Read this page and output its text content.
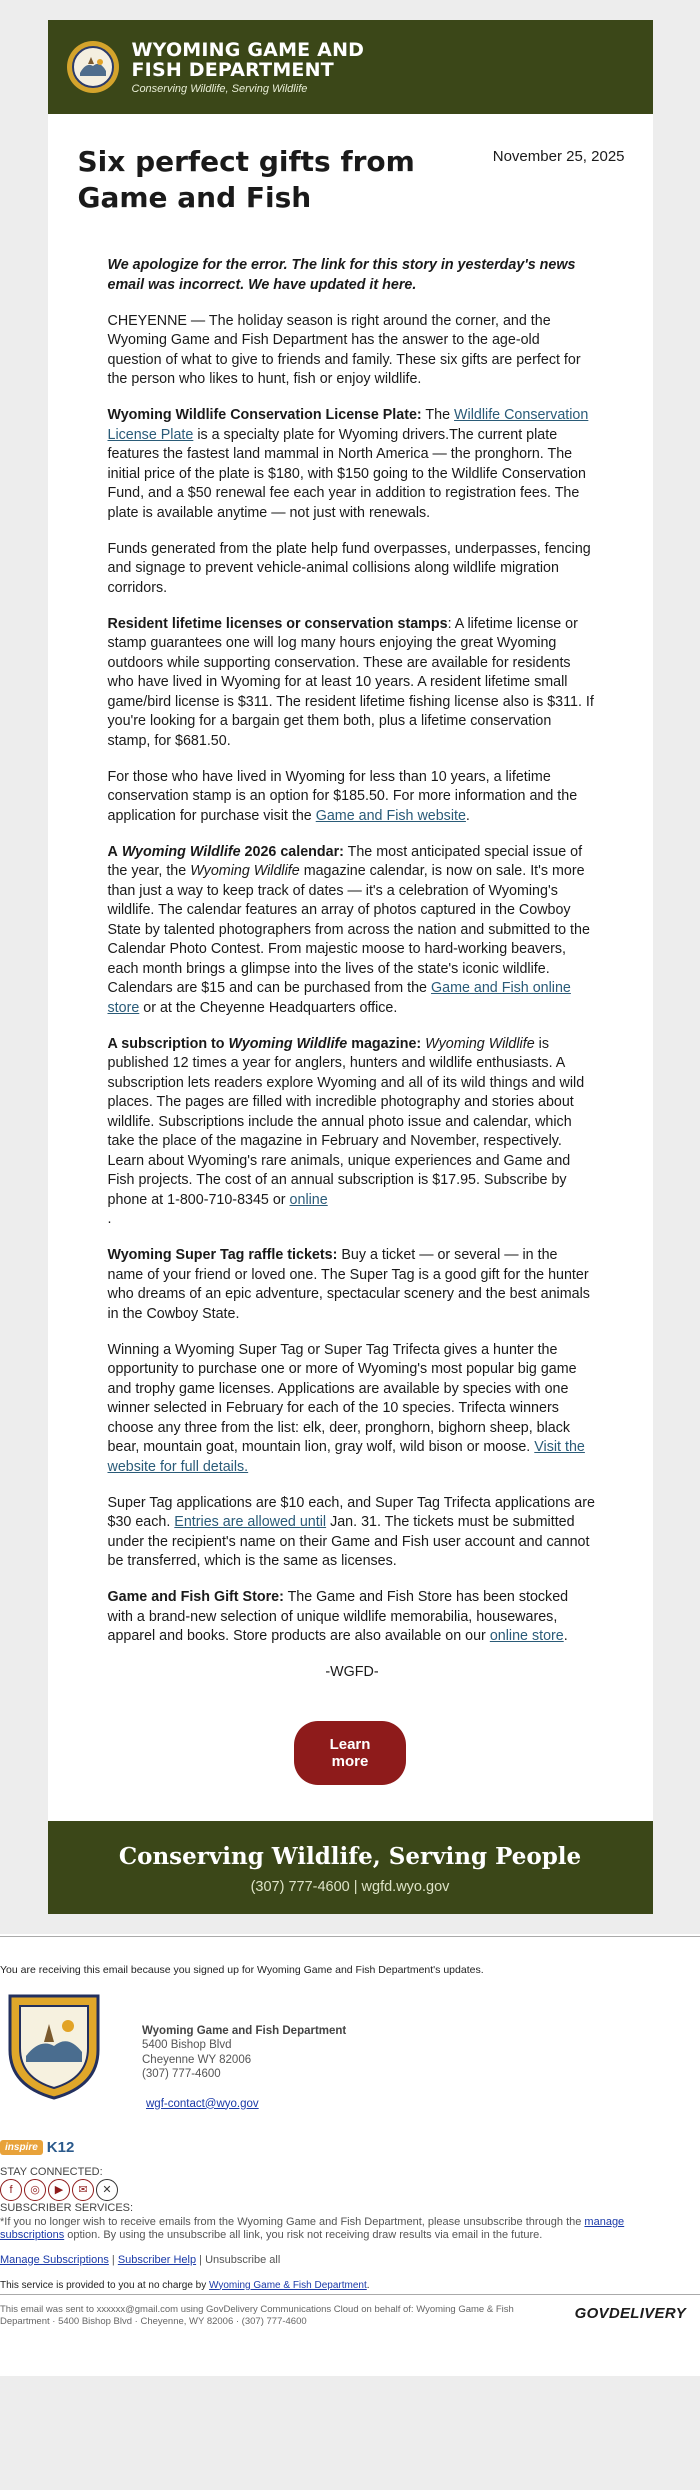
WYOMING GAME AND
FISH DEPARTMENT
Conserving Wildlife, Serving Wildlife
Six perfect gifts from Game and Fish
November 25, 2025

We apologize for the error. The link for this story in yesterday's news email was incorrect. We have updated it here.

CHEYENNE — The holiday season is right around the corner, and the Wyoming Game and Fish Department has the answer to the age-old question of what to give to friends and family. These six gifts are perfect for the person who likes to hunt, fish or enjoy wildlife.

Wyoming Wildlife Conservation License Plate: The Wildlife Conservation License Plate is a specialty plate for Wyoming drivers.The current plate features the fastest land mammal in North America — the pronghorn. The initial price of the plate is $180, with $150 going to the Wildlife Conservation Fund, and a $50 renewal fee each year in addition to registration fees. The plate is available anytime — not just with renewals.

Funds generated from the plate help fund overpasses, underpasses, fencing and signage to prevent vehicle-animal collisions along wildlife migration corridors.

Resident lifetime licenses or conservation stamps: A lifetime license or stamp guarantees one will log many hours enjoying the great Wyoming outdoors while supporting conservation. These are available for residents who have lived in Wyoming for at least 10 years. A resident lifetime small game/bird license is $311. The resident lifetime fishing license also is $311. If you're looking for a bargain get them both, plus a lifetime conservation stamp, for $681.50.

For those who have lived in Wyoming for less than 10 years, a lifetime conservation stamp is an option for $185.50. For more information and the application for purchase visit the Game and Fish website.

A Wyoming Wildlife 2026 calendar: The most anticipated special issue of the year, the Wyoming Wildlife magazine calendar, is now on sale. It's more than just a way to keep track of dates — it's a celebration of Wyoming's wildlife. The calendar features an array of photos captured in the Cowboy State by talented photographers from across the nation and submitted to the Calendar Photo Contest. From majestic moose to hard-working beavers, each month brings a glimpse into the lives of the state's iconic wildlife. Calendars are $15 and can be purchased from the Game and Fish online store or at the Cheyenne Headquarters office.

A subscription to Wyoming Wildlife magazine: Wyoming Wildlife is published 12 times a year for anglers, hunters and wildlife enthusiasts. A subscription lets readers explore Wyoming and all of its wild things and wild places. The pages are filled with incredible photography and stories about wildlife. Subscriptions include the annual photo issue and calendar, which take the place of the magazine in February and November, respectively. Learn about Wyoming's rare animals, unique experiences and Game and Fish projects. The cost of an annual subscription is $17.95. Subscribe by phone at 1-800-710-8345 or online
.

Wyoming Super Tag raffle tickets: Buy a ticket — or several — in the name of your friend or loved one. The Super Tag is a good gift for the hunter who dreams of an epic adventure, spectacular scenery and the best animals in the Cowboy State.

Winning a Wyoming Super Tag or Super Tag Trifecta gives a hunter the opportunity to purchase one or more of Wyoming's most popular big game and trophy game licenses. Applications are available by species with one winner selected in February for each of the 10 species. Trifecta winners choose any three from the list: elk, deer, pronghorn, bighorn sheep, black bear, mountain goat, mountain lion, gray wolf, wild bison or moose. Visit the website for full details.

Super Tag applications are $10 each, and Super Tag Trifecta applications are $30 each. Entries are allowed until Jan. 31. The tickets must be submitted under the recipient's name on their Game and Fish user account and cannot be transferred, which is the same as licenses.

Game and Fish Gift Store: The Game and Fish Store has been stocked with a brand-new selection of unique wildlife memorabilia, housewares, apparel and books. Store products are also available on our online store.

-WGFD-

Learn more
Conserving Wildlife, Serving People
(307) 777-4600 | wgfd.wyo.gov
You are receiving this email because you signed up for Wyoming Game and Fish Department's updates.
Wyoming Game and Fish Department
5400 Bishop Blvd
Cheyenne WY 82006
(307) 777-4600
wgf-contact@wyo.gov
inspire K12
STAY CONNECTED:
f	◎	▶	✉	✕
SUBSCRIBER SERVICES:
*If you no longer wish to receive emails from the Wyoming Game and Fish Department, please unsubscribe through the manage subscriptions option. By using the unsubscribe all link, you risk not receiving draw results via email in the future.
Manage Subscriptions | Subscriber Help | Unsubscribe all
This service is provided to you at no charge by Wyoming Game & Fish Department.
This email was sent to xxxxxx@gmail.com using GovDelivery Communications Cloud on behalf of: Wyoming Game & Fish Department · 5400 Bishop Blvd · Cheyenne, WY 82006 · (307) 777-4600	GOVDELIVERY
